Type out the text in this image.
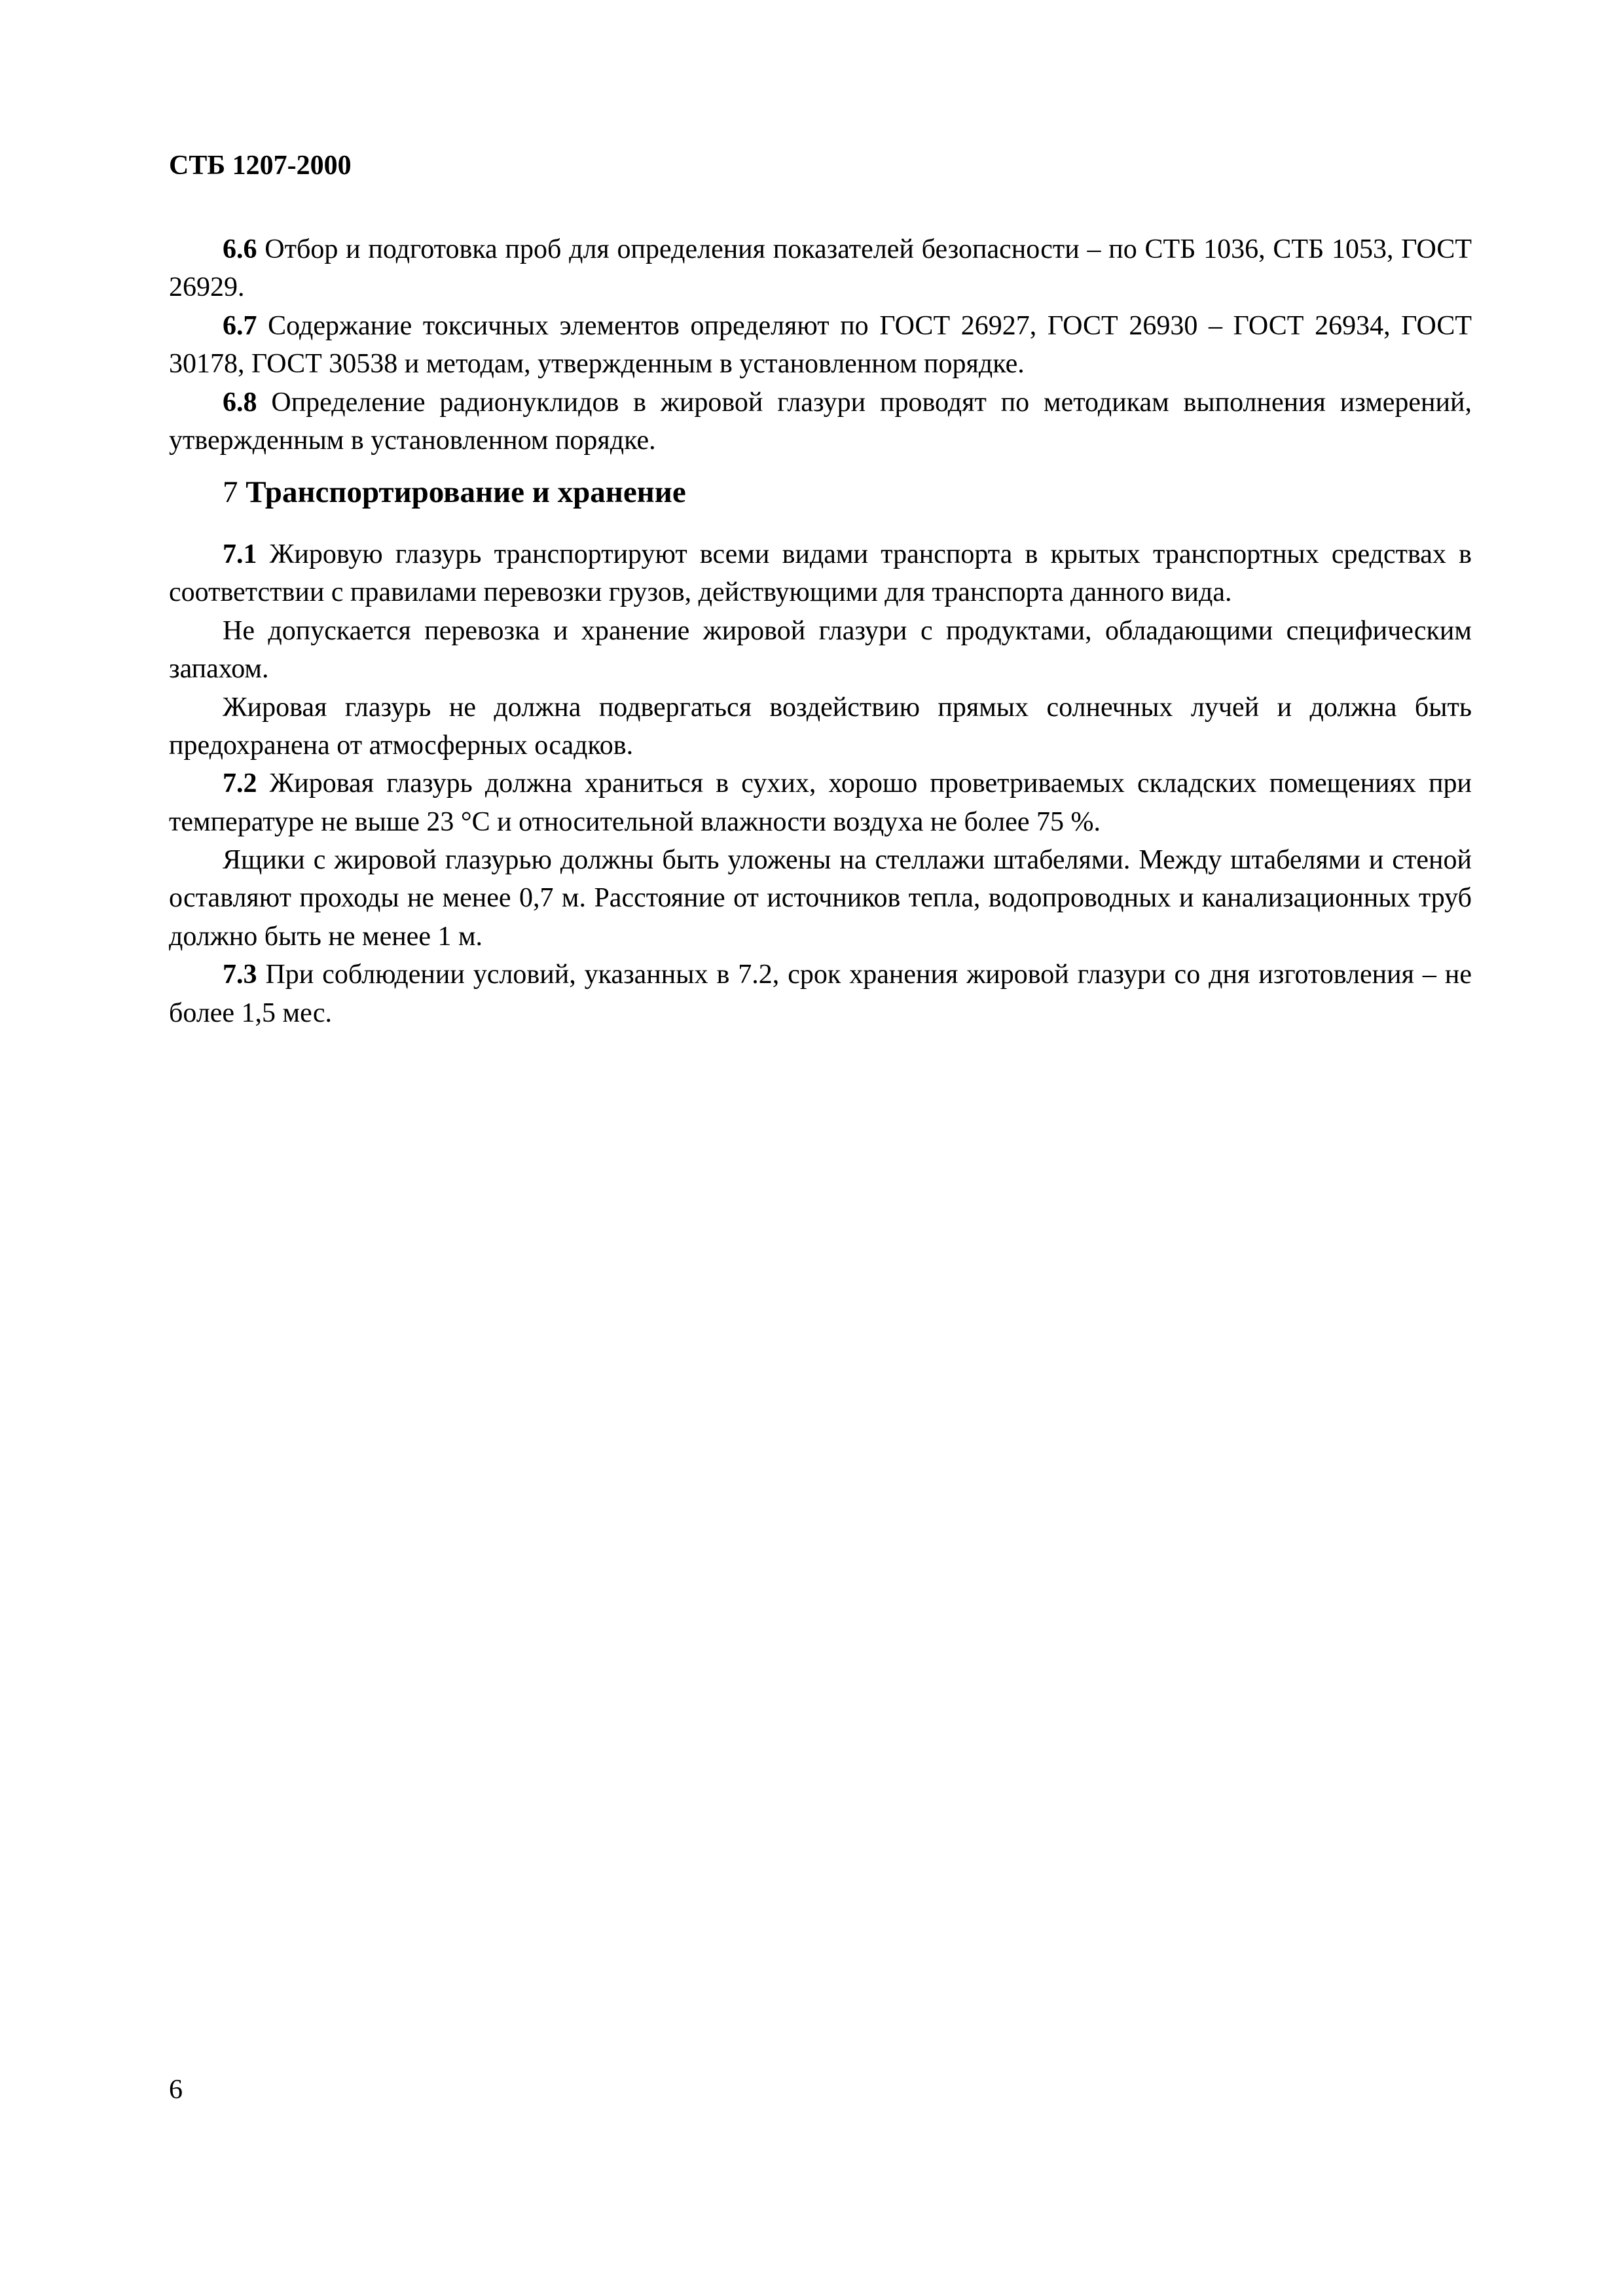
СТБ 1207-2000

6.6 Отбор и подготовка проб для определения показателей безопасности – по СТБ 1036, СТБ 1053, ГОСТ 26929.

6.7 Содержание токсичных элементов определяют по ГОСТ 26927, ГОСТ 26930 – ГОСТ 26934, ГОСТ 30178, ГОСТ 30538 и методам, утвержденным в установленном порядке.

6.8 Определение радионуклидов в жировой глазури проводят по методикам выполнения измерений, утвержденным в установленном порядке.

7 Транспортирование и хранение

7.1 Жировую глазурь транспортируют всеми видами транспорта в крытых транспортных средствах в соответствии с правилами перевозки грузов, действующими для транспорта данного вида.

Не допускается перевозка и хранение жировой глазури с продуктами, обладающими специфическим запахом.

Жировая глазурь не должна подвергаться воздействию прямых солнечных лучей и должна быть предохранена от атмосферных осадков.

7.2 Жировая глазурь должна храниться в сухих, хорошо проветриваемых складских помещениях при температуре не выше 23 °С и относительной влажности воздуха не более 75 %.

Ящики с жировой глазурью должны быть уложены на стеллажи штабелями. Между штабелями и стеной оставляют проходы не менее 0,7 м. Расстояние от источников тепла, водопроводных и канализационных труб должно быть не менее 1 м.

7.3 При соблюдении условий, указанных в 7.2, срок хранения жировой глазури со дня изготовления – не более 1,5 мес.

6
